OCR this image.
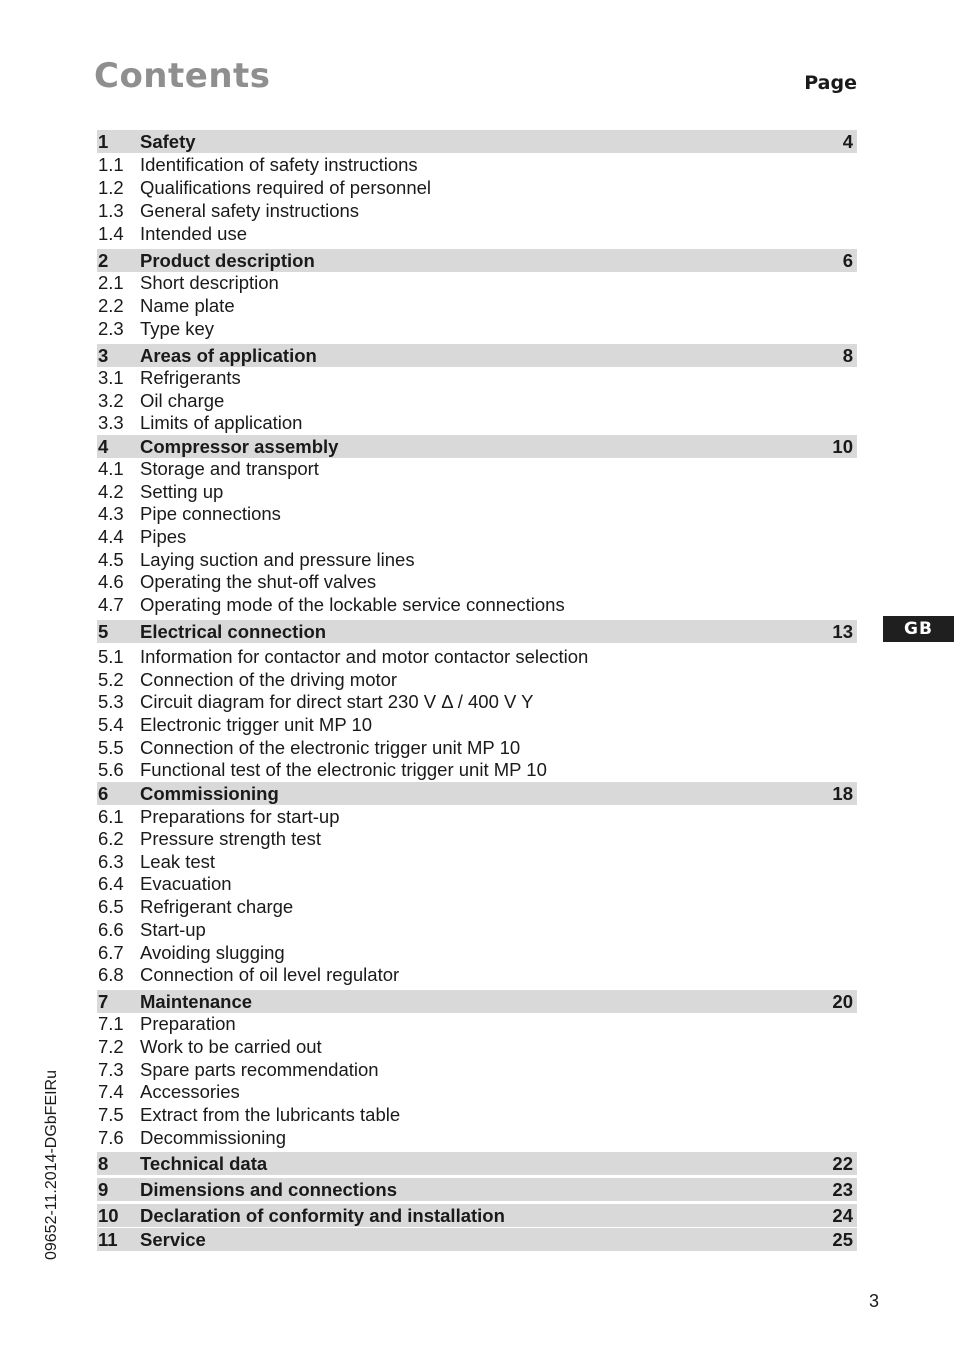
Contents	Page
1	Safety	4
1.1 Identification of safety instructions
1.2 Qualifications required of personnel
1.3 General safety instructions
1.4 Intended use
2	Product description	6
2.1 Short description
2.2 Name plate
2.3 Type key
3	Areas of application	8
3.1 Refrigerants
3.2 Oil charge
3.3 Limits of application
4	Compressor assembly	10
4.1 Storage and transport
4.2 Setting up
4.3 Pipe connections
4.4 Pipes
4.5 Laying suction and pressure lines
4.6 Operating the shut-off valves
4.7 Operating mode of the lockable service connections
5	Electrical connection	13
5.1 Information for contactor and motor contactor selection
5.2 Connection of the driving motor
5.3 Circuit diagram for direct start 230 V Δ / 400 V Y
5.4 Electronic trigger unit MP 10
5.5 Connection of the electronic trigger unit MP 10
5.6 Functional test of the electronic trigger unit MP 10
6	Commissioning	18
6.1 Preparations for start-up
6.2 Pressure strength test
6.3 Leak test
6.4 Evacuation
6.5 Refrigerant charge
6.6 Start-up
6.7 Avoiding slugging
6.8 Connection of oil level regulator
7	Maintenance	20
7.1 Preparation
7.2 Work to be carried out
7.3 Spare parts recommendation
7.4 Accessories
7.5 Extract from the lubricants table
7.6 Decommissioning
8	Technical data	22
9	Dimensions and connections	23
10	Declaration of conformity and installation	24
11	Service	25
GB
09652-11.2014-DGbFEIRu
3
